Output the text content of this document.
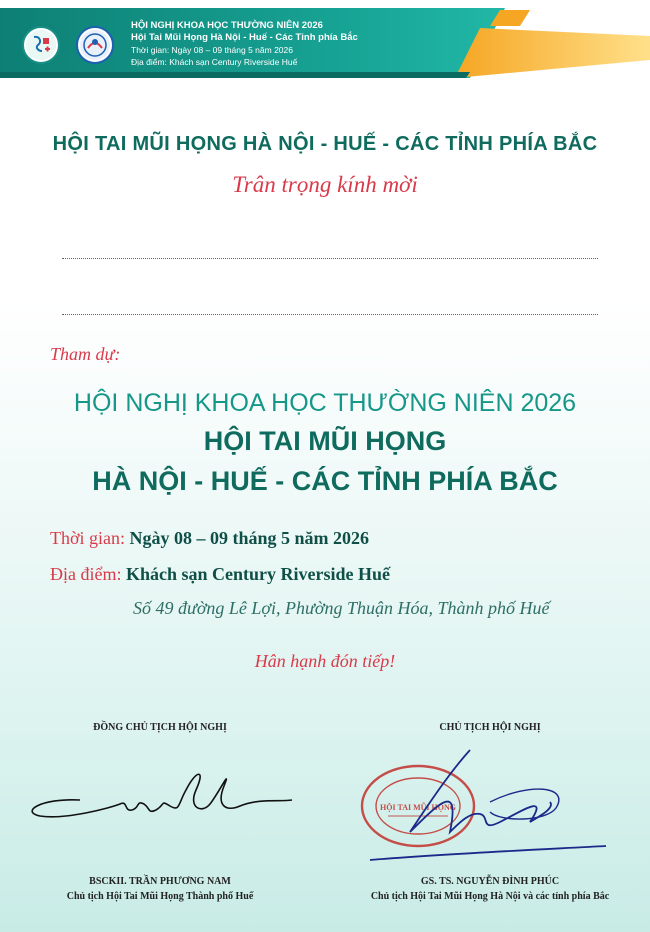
HỘI NGHỊ KHOA HỌC THƯỜNG NIÊN 2026
Hội Tai Mũi Họng Hà Nội - Huế - Các Tỉnh phía Bắc
Thời gian: Ngày 08 – 09 tháng 5 năm 2026
Địa điểm: Khách sạn Century Riverside Huế
HỘI TAI MŨI HỌNG HÀ NỘI - HUẾ - CÁC TỈNH PHÍA BẮC
Trân trọng kính mời
Tham dự:
HỘI NGHỊ KHOA HỌC THƯỜNG NIÊN 2026
HỘI TAI MŨI HỌNG
HÀ NỘI - HUẾ - CÁC TỈNH PHÍA BẮC
Thời gian: Ngày 08 – 09 tháng 5 năm 2026
Địa điểm: Khách sạn Century Riverside Huế
Số 49 đường Lê Lợi, Phường Thuận Hóa, Thành phố Huế
Hân hạnh đón tiếp!
ĐỒNG CHỦ TỊCH HỘI NGHỊ
BSCKII. TRẦN PHƯƠNG NAM
Chủ tịch Hội Tai Mũi Họng Thành phố Huế
CHỦ TỊCH HỘI NGHỊ
HỘI TAI MŨI HỌNG
GS. TS. NGUYỄN ĐÌNH PHÚC
Chủ tịch Hội Tai Mũi Họng Hà Nội và các tỉnh phía Bắc
